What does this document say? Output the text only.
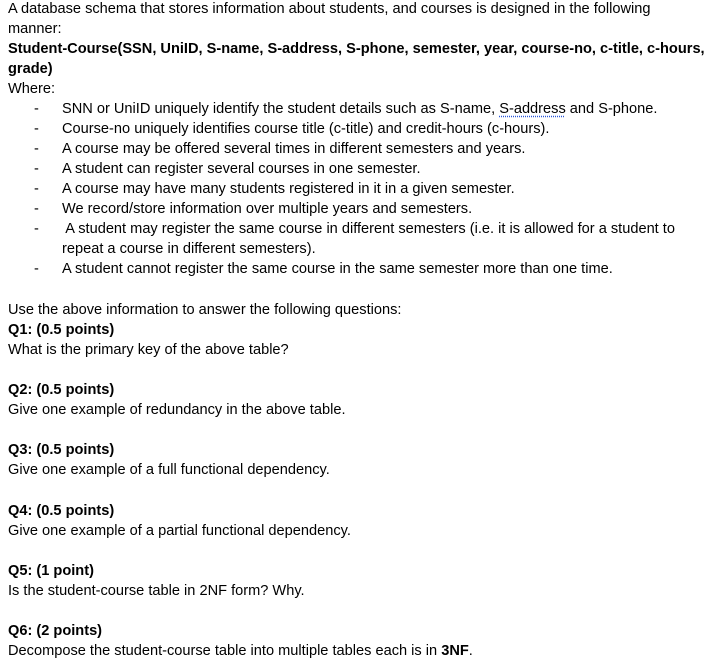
A database schema that stores information about students, and courses is designed in the following
manner:
Student-Course(SSN, UniID, S-name, S-address, S-phone, semester, year, course-no, c-title, c-hours,
grade)
Where:
- SNN or UniID uniquely identify the student details such as S-name, S-address and S-phone.
- Course-no uniquely identifies course title (c-title) and credit-hours (c-hours).
- A course may be offered several times in different semesters and years.
- A student can register several courses in one semester.
- A course may have many students registered in it in a given semester.
- We record/store information over multiple years and semesters.
- A student may register the same course in different semesters (i.e. it is allowed for a student to
repeat a course in different semesters).
- A student cannot register the same course in the same semester more than one time.
Use the above information to answer the following questions:
Q1: (0.5 points)
What is the primary key of the above table?
Q2: (0.5 points)
Give one example of redundancy in the above table.
Q3: (0.5 points)
Give one example of a full functional dependency.
Q4: (0.5 points)
Give one example of a partial functional dependency.
Q5: (1 point)
Is the student-course table in 2NF form? Why.
Q6: (2 points)
Decompose the student-course table into multiple tables each is in 3NF.
